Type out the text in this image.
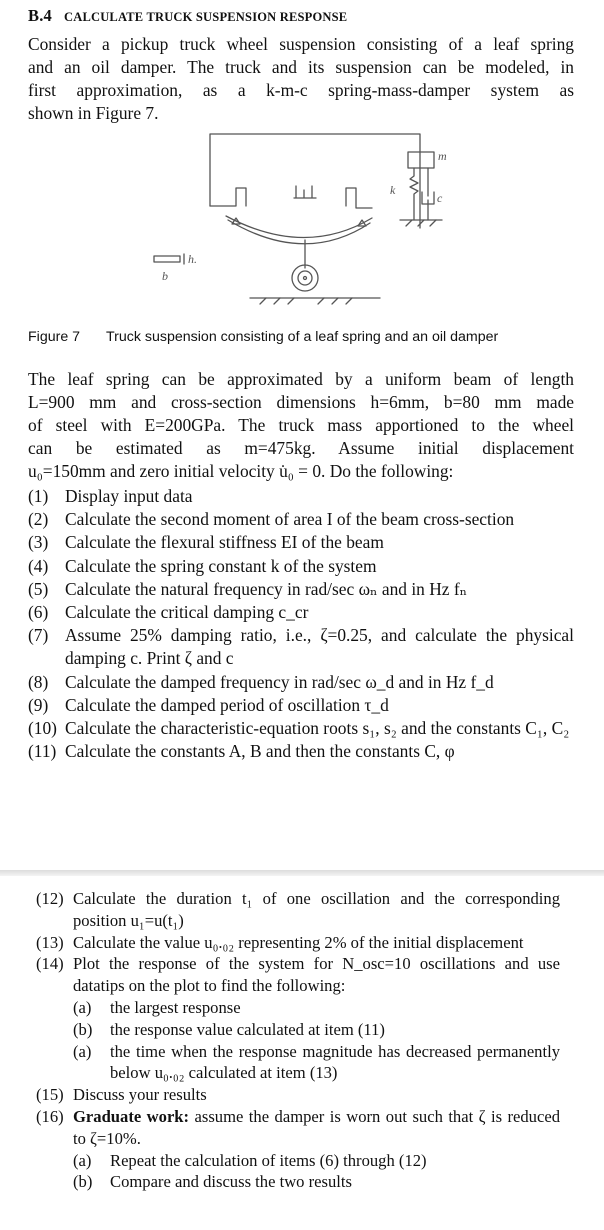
B.4 CALCULATE TRUCK SUSPENSION RESPONSE
Consider a pickup truck wheel suspension consisting of a leaf spring
and an oil damper. The truck and its suspension can be modeled, in
first approximation, as a k-m-c spring-mass-damper system as
shown in Figure 7.
m
k
c
h.
b
Figure 7 Truck suspension consisting of a leaf spring and an oil damper
The leaf spring can be approximated by a uniform beam of length
L=900 mm and cross-section dimensions h=6mm, b=80 mm made
of steel with E=200GPa. The truck mass apportioned to the wheel
can be estimated as m=475kg. Assume initial displacement
u₀=150mm and zero initial velocity u̇₀ = 0. Do the following:
(1) Display input data
(2) Calculate the second moment of area I of the beam cross-section
(3) Calculate the flexural stiffness EI of the beam
(4) Calculate the spring constant k of the system
(5) Calculate the natural frequency in rad/sec ωₙ and in Hz fₙ
(6) Calculate the critical damping c_cr
(7) Assume 25% damping ratio, i.e., ζ=0.25, and calculate the physical damping c. Print ζ and c
(8) Calculate the damped frequency in rad/sec ω_d and in Hz f_d
(9) Calculate the damped period of oscillation τ_d
(10) Calculate the characteristic-equation roots s₁, s₂ and the constants C₁, C₂
(11) Calculate the constants A, B and then the constants C, φ
(12) Calculate the duration t₁ of one oscillation and the corresponding position u₁=u(t₁)
(13) Calculate the value u₀.₀₂ representing 2% of the initial displacement
(14) Plot the response of the system for N_osc=10 oscillations and use datatips on the plot to find the following:
(a) the largest response
(b) the response value calculated at item (11)
(a) the time when the response magnitude has decreased permanently below u₀.₀₂ calculated at item (13)
(15) Discuss your results
(16) Graduate work: assume the damper is worn out such that ζ is reduced to ζ=10%.
(a) Repeat the calculation of items (6) through (12)
(b) Compare and discuss the two results
